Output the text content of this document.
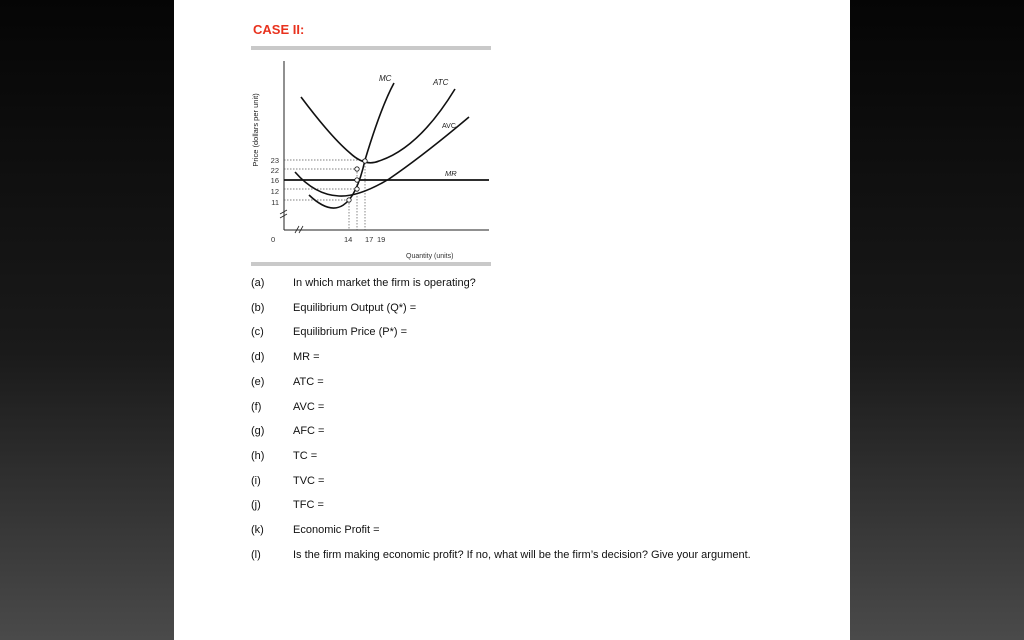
CASE II:
Price (dollars per unit) 23
22
16
12
11
MC	ATC
AVC
MR
0	14 17 19
Quantity (units)
(a)	In which market the firm is operating?
(b)	Equilibrium Output (Q*) =
(c)	Equilibrium Price (P*) =
(d)	MR =
(e)	ATC =
(f)	AVC =
(g)	AFC =
(h)	TC =
(i)	TVC =
(j)	TFC =
(k)	Economic Profit =
(l)	Is the firm making economic profit? If no, what will be the firm’s decision? Give your argument.
